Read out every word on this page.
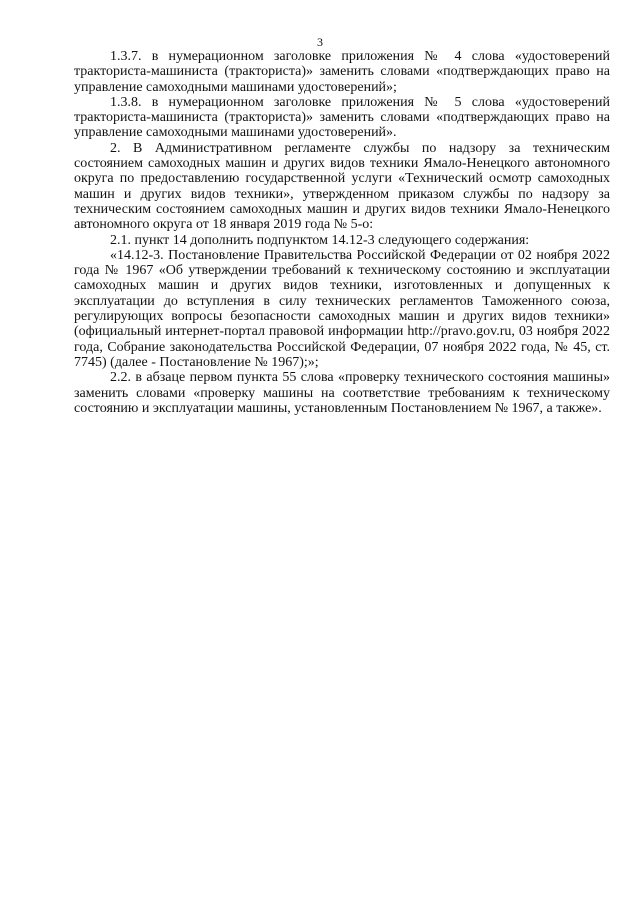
3

1.3.7. в нумерационном заголовке приложения № 4 слова «удостоверений тракториста-машиниста (тракториста)» заменить словами «подтверждающих право на управление самоходными машинами удостоверений»;

1.3.8. в нумерационном заголовке приложения № 5 слова «удостоверений тракториста-машиниста (тракториста)» заменить словами «подтверждающих право на управление самоходными машинами удостоверений».

2. В Административном регламенте службы по надзору за техническим состоянием самоходных машин и других видов техники Ямало-Ненецкого автономного округа по предоставлению государственной услуги «Технический осмотр самоходных машин и других видов техники», утвержденном приказом службы по надзору за техническим состоянием самоходных машин и других видов техники Ямало-Ненецкого автономного округа от 18 января 2019 года № 5-о:

2.1. пункт 14 дополнить подпунктом 14.12-3 следующего содержания:

«14.12-3. Постановление Правительства Российской Федерации от 02 ноября 2022 года № 1967 «Об утверждении требований к техническому состоянию и эксплуатации самоходных машин и других видов техники, изготовленных и допущенных к эксплуатации до вступления в силу технических регламентов Таможенного союза, регулирующих вопросы безопасности самоходных машин и других видов техники» (официальный интернет-портал правовой информации http://pravo.gov.ru, 03 ноября 2022 года, Собрание законодательства Российской Федерации, 07 ноября 2022 года, № 45, ст. 7745) (далее - Постановление № 1967);»;

2.2. в абзаце первом пункта 55 слова «проверку технического состояния машины» заменить словами «проверку машины на соответствие требованиям к техническому состоянию и эксплуатации машины, установленным Постановлением № 1967, а также».
